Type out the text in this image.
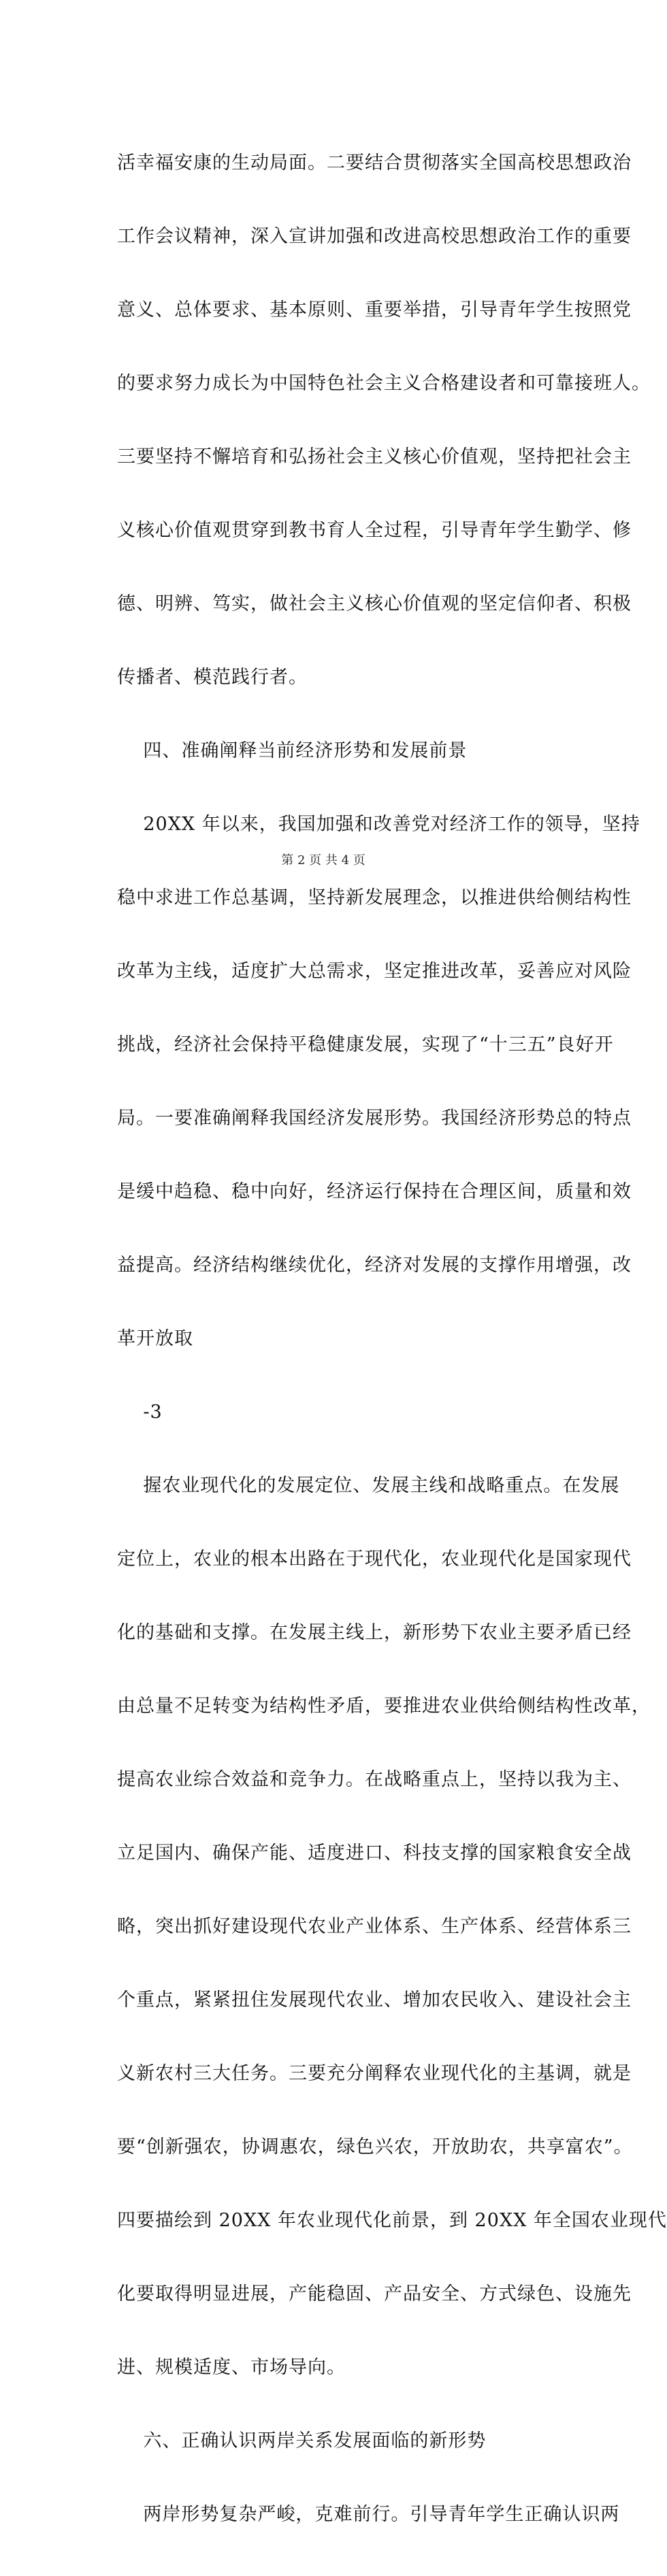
活幸福安康的生动局面。二要结合贯彻落实全国高校思想政治

工作会议精神，深入宣讲加强和改进高校思想政治工作的重要

意义、总体要求、基本原则、重要举措，引导青年学生按照党

的要求努力成长为中国特色社会主义合格建设者和可靠接班人。

三要坚持不懈培育和弘扬社会主义核心价值观，坚持把社会主

义核心价值观贯穿到教书育人全过程，引导青年学生勤学、修

德、明辨、笃实，做社会主义核心价值观的坚定信仰者、积极

传播者、模范践行者。

四、准确阐释当前经济形势和发展前景

20XX 年以来，我国加强和改善党对经济工作的领导，坚持

稳中求进工作总基调，坚持新发展理念，以推进供给侧结构性

改革为主线，适度扩大总需求，坚定推进改革，妥善应对风险

挑战，经济社会保持平稳健康发展，实现了“十三五”良好开

局。一要准确阐释我国经济发展形势。我国经济形势总的特点

是缓中趋稳、稳中向好，经济运行保持在合理区间，质量和效

益提高。经济结构继续优化，经济对发展的支撑作用增强，改

革开放取

-3

握农业现代化的发展定位、发展主线和战略重点。在发展

定位上，农业的根本出路在于现代化，农业现代化是国家现代

化的基础和支撑。在发展主线上，新形势下农业主要矛盾已经

由总量不足转变为结构性矛盾，要推进农业供给侧结构性改革，

提高农业综合效益和竞争力。在战略重点上，坚持以我为主、

立足国内、确保产能、适度进口、科技支撑的国家粮食安全战

略，突出抓好建设现代农业产业体系、生产体系、经营体系三

个重点，紧紧扭住发展现代农业、增加农民收入、建设社会主

义新农村三大任务。三要充分阐释农业现代化的主基调，就是

要“创新强农，协调惠农，绿色兴农，开放助农，共享富农”。

四要描绘到 20XX 年农业现代化前景，到 20XX 年全国农业现代

化要取得明显进展，产能稳固、产品安全、方式绿色、设施先

进、规模适度、市场导向。

六、正确认识两岸关系发展面临的新形势

两岸形势复杂严峻，克难前行。引导青年学生正确认识两

第 2 页 共 4 页
